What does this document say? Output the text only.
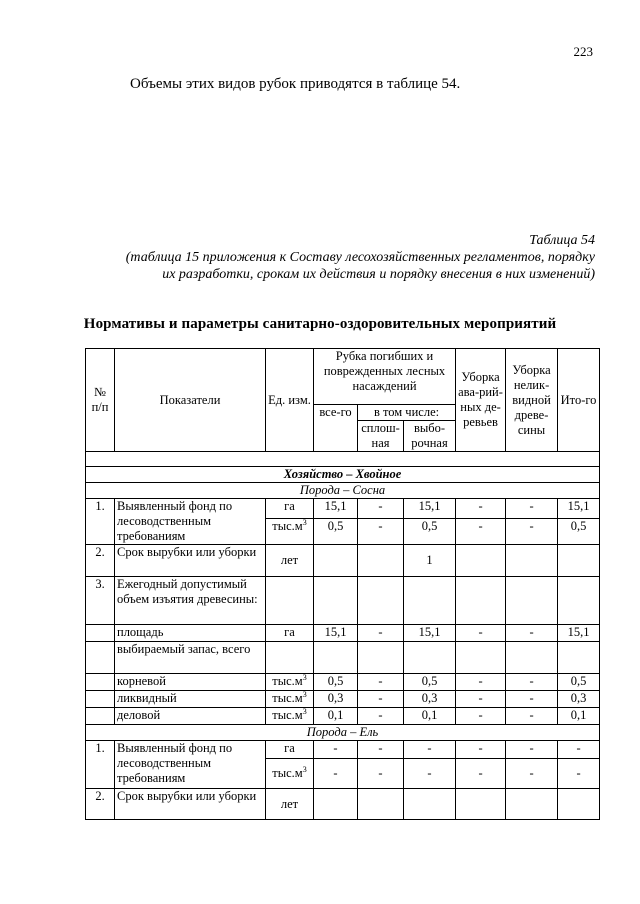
223
Объемы этих видов рубок приводятся в таблице 54.
Таблица 54
(таблица 15 приложения к Составу лесохозяйственных регламентов, порядку их разработки, срокам их действия и порядку внесения в них изменений)
Нормативы и параметры санитарно-оздоровительных мероприятий
№ п/п	Показатели	Ед. изм.	Рубка погибших и поврежденных лесных насаждений			Уборка ава-рий-ных де-ревьев	Уборка нелик-видной древе-сины	Ито-го
			все-го	в том числе:				
				сплош-ная	выбо-рочная			

Хозяйство – Хвойное								
Порода – Сосна								
1.	Выявленный фонд по лесоводственным требованиям	га	15,1	-	15,1	-	-	15,1
		$тыс.м^3$	0,5	-	0,5	-	-	0,5
2.	Срок вырубки или уборки	лет			1			
3.	Ежегодный допустимый объем изъятия древесины:							
	площадь	га	15,1	-	15,1	-	-	15,1
	выбираемый запас, всего							
	корневой	$тыс.м^3$	0,5	-	0,5	-	-	0,5
	ликвидный	$тыс.м^3$	0,3	-	0,3	-	-	0,3
	деловой	$тыс.м^3$	0,1	-	0,1	-	-	0,1
Порода – Ель								
1.	Выявленный фонд по лесоводственным требованиям	га	-	-	-	-	-	-
		$тыс.м^3$	-	-	-	-	-	-
2.	Срок вырубки или уборки	лет						
